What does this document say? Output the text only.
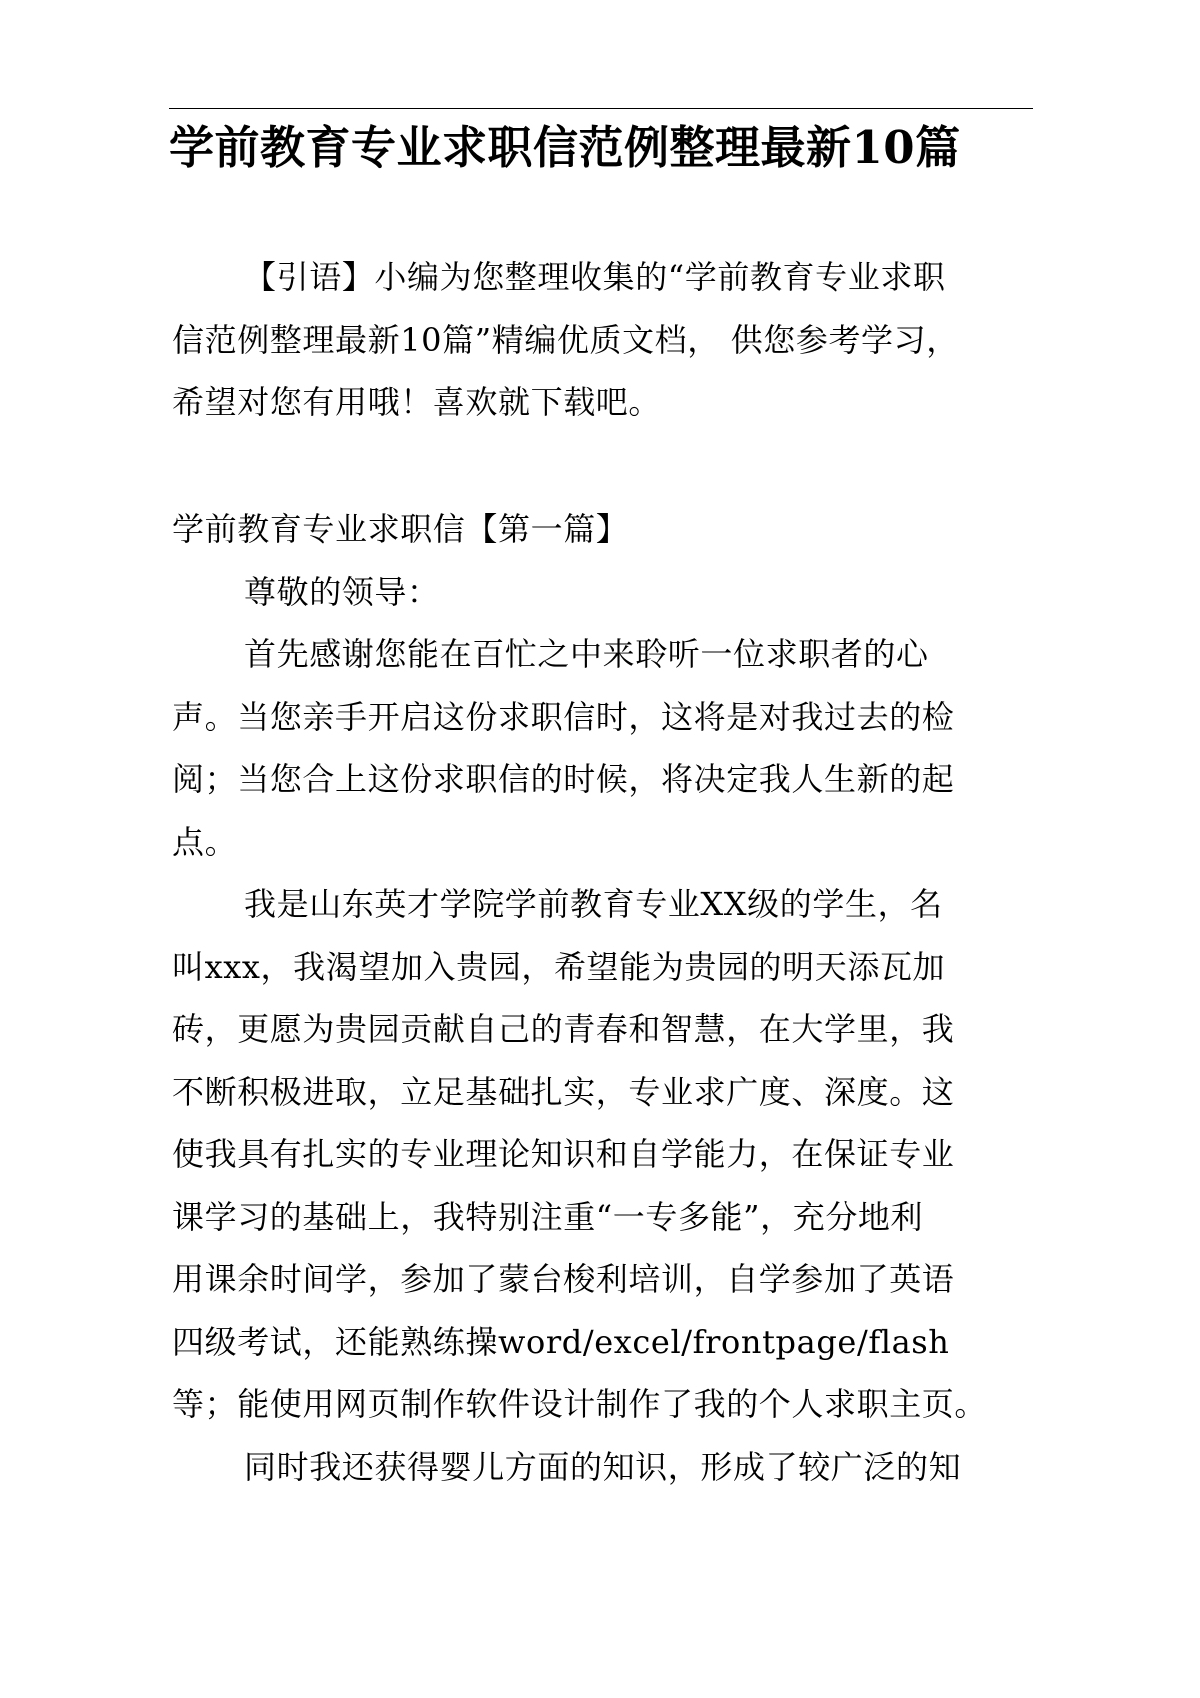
学前教育专业求职信范例整理最新10篇
【引语】小编为您整理收集的“学前教育专业求职
信范例整理最新10篇”精编优质文档， 供您参考学习，
希望对您有用哦！喜欢就下载吧。
学前教育专业求职信【第一篇】
尊敬的领导：
首先感谢您能在百忙之中来聆听一位求职者的心
声。当您亲手开启这份求职信时，这将是对我过去的检
阅；当您合上这份求职信的时候，将决定我人生新的起
点。
我是山东英才学院学前教育专业XX级的学生，名
叫xxx，我渴望加入贵园，希望能为贵园的明天添瓦加
砖，更愿为贵园贡献自己的青春和智慧，在大学里，我
不断积极进取，立足基础扎实，专业求广度、深度。这
使我具有扎实的专业理论知识和自学能力，在保证专业
课学习的基础上，我特别注重“一专多能”，充分地利
用课余时间学，参加了蒙台梭利培训，自学参加了英语
四级考试，还能熟练操word/excel/frontpage/flash
等；能使用网页制作软件设计制作了我的个人求职主页。
同时我还获得婴儿方面的知识，形成了较广泛的知
